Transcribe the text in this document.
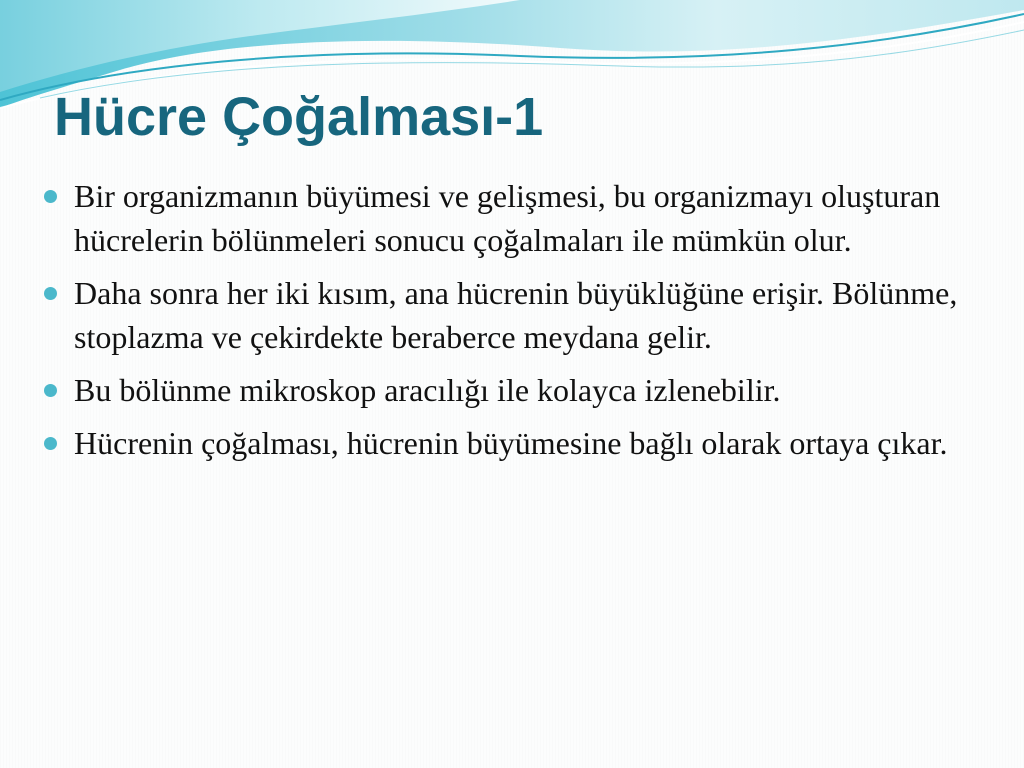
Hücre Çoğalması-1
Bir organizmanın büyümesi ve gelişmesi, bu organizmayı oluşturan hücrelerin bölünmeleri sonucu çoğalmaları ile mümkün olur.
Daha sonra her iki kısım, ana hücrenin büyüklüğüne erişir. Bölünme, stoplazma ve çekirdekte beraberce meydana gelir.
Bu bölünme mikroskop aracılığı ile kolayca izlenebilir.
Hücrenin çoğalması, hücrenin büyümesine bağlı olarak ortaya çıkar.
